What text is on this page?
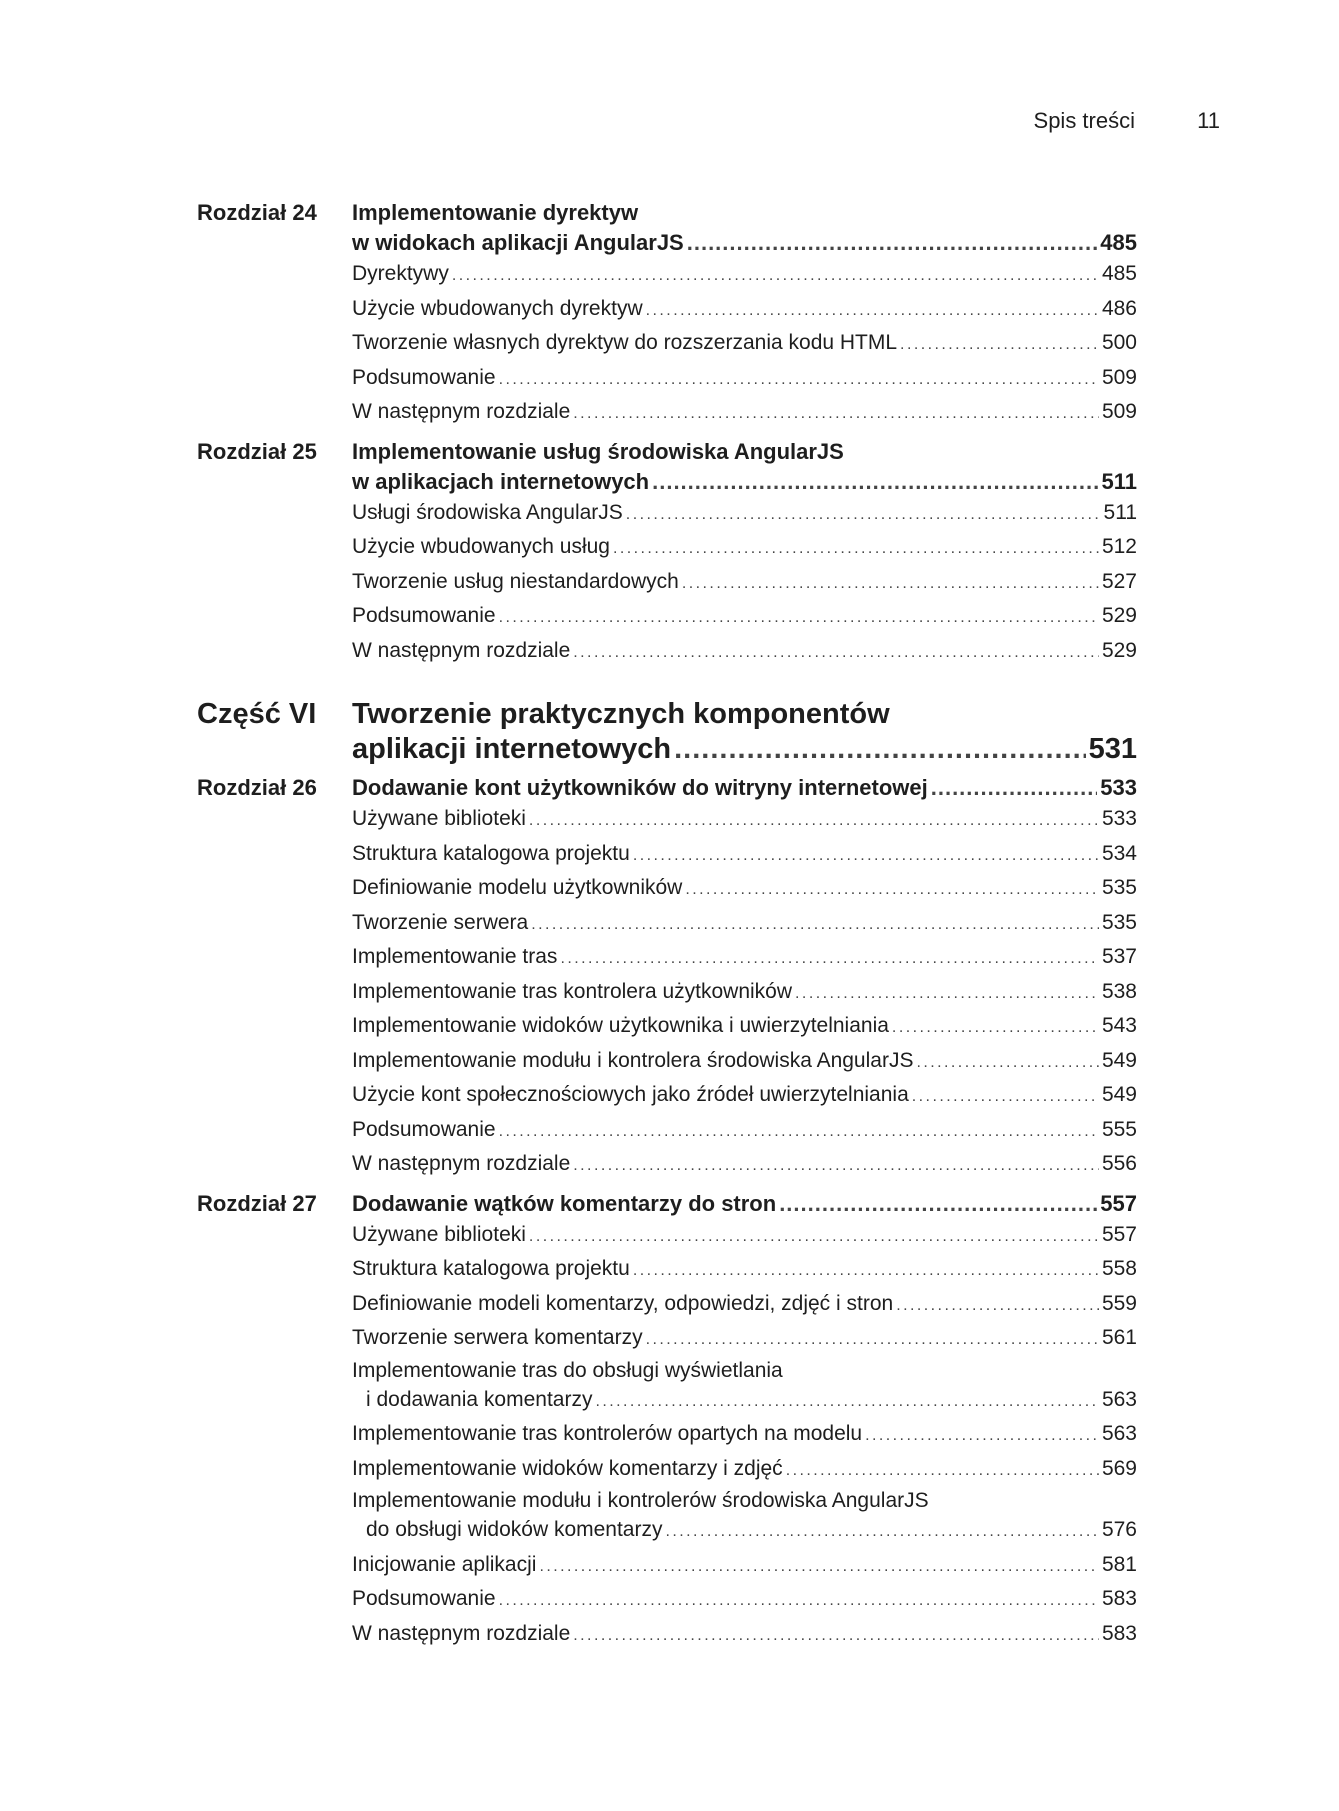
Spis treści	11
Rozdział 24	Implementowanie dyrektyw
w widokach aplikacji AngularJS .....	485
Dyrektywy . . .	485
Użycie wbudowanych dyrektyw . . .	486
Tworzenie własnych dyrektyw do rozszerzania kodu HTML . . .	500
Podsumowanie . . .	509
W następnym rozdziale . . .	509
Rozdział 25	Implementowanie usług środowiska AngularJS
w aplikacjach internetowych .....	511
Usługi środowiska AngularJS . . .	511
Użycie wbudowanych usług . . .	512
Tworzenie usług niestandardowych . . .	527
Podsumowanie . . .	529
W następnym rozdziale . . .	529
Część VI	Tworzenie praktycznych komponentów
aplikacji internetowych .....	531
Rozdział 26	Dodawanie kont użytkowników do witryny internetowej .....	533
Używane biblioteki . . .	533
Struktura katalogowa projektu . . .	534
Definiowanie modelu użytkowników . . .	535
Tworzenie serwera . . .	535
Implementowanie tras . . .	537
Implementowanie tras kontrolera użytkowników . . .	538
Implementowanie widoków użytkownika i uwierzytelniania . . .	543
Implementowanie modułu i kontrolera środowiska AngularJS . . .	549
Użycie kont społecznościowych jako źródeł uwierzytelniania . . .	549
Podsumowanie . . .	555
W następnym rozdziale . . .	556
Rozdział 27	Dodawanie wątków komentarzy do stron .....	557
Używane biblioteki . . .	557
Struktura katalogowa projektu . . .	558
Definiowanie modeli komentarzy, odpowiedzi, zdjęć i stron . . .	559
Tworzenie serwera komentarzy . . .	561
Implementowanie tras do obsługi wyświetlania
i dodawania komentarzy . . .	563
Implementowanie tras kontrolerów opartych na modelu . . .	563
Implementowanie widoków komentarzy i zdjęć . . .	569
Implementowanie modułu i kontrolerów środowiska AngularJS
do obsługi widoków komentarzy . . .	576
Inicjowanie aplikacji . . .	581
Podsumowanie . . .	583
W następnym rozdziale . . .	583
